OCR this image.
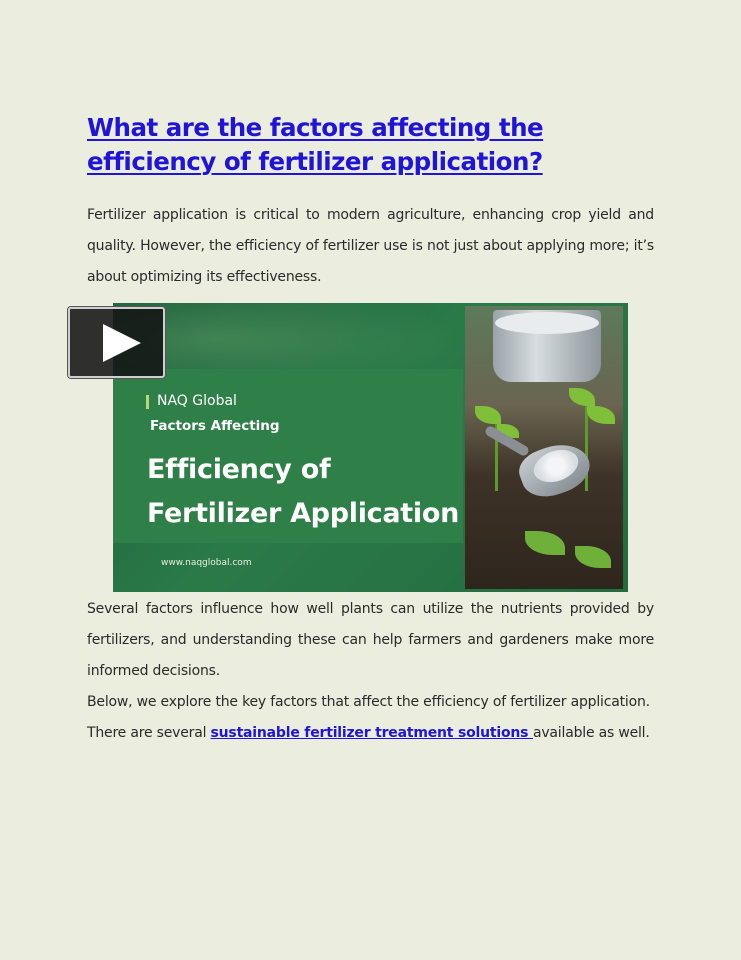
What are the factors affecting the efficiency of fertilizer application?

Fertilizer application is critical to modern agriculture, enhancing crop yield and quality. However, the efficiency of fertilizer use is not just about applying more; it’s about optimizing its effectiveness.

NAQ Global
Factors Affecting
Efficiency of
Fertilizer Application
www.naqglobal.com

Several factors influence how well plants can utilize the nutrients provided by fertilizers, and understanding these can help farmers and gardeners make more informed decisions.

Below, we explore the key factors that affect the efficiency of fertilizer application. There are several sustainable fertilizer treatment solutions available as well.
